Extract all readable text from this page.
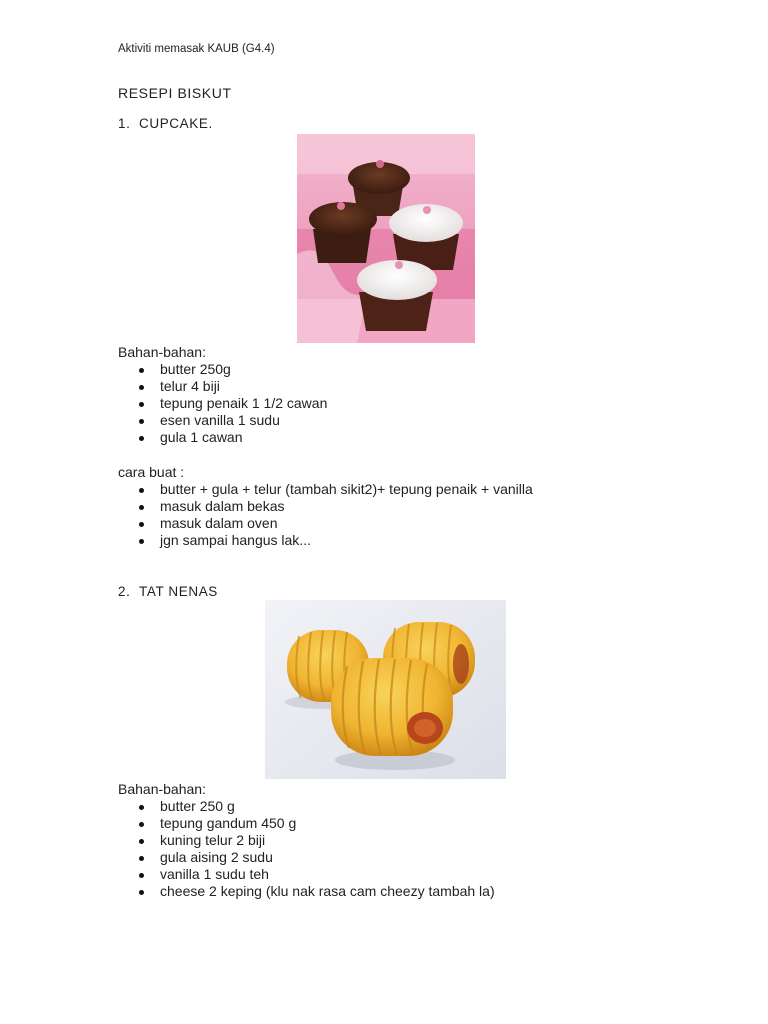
Aktiviti memasak KAUB (G4.4)
RESEPI BISKUT
1. CUPCAKE.
Bahan-bahan:
butter 250g
telur 4 biji
tepung penaik 1 1/2 cawan
esen vanilla 1 sudu
gula 1 cawan
cara buat :
butter + gula + telur (tambah sikit2)+ tepung penaik + vanilla
masuk dalam bekas
masuk dalam oven
jgn sampai hangus lak...
2. TAT NENAS
Bahan-bahan:
butter 250 g
tepung gandum 450 g
kuning telur 2 biji
gula aising 2 sudu
vanilla 1 sudu teh
cheese 2 keping (klu nak rasa cam cheezy tambah la)
